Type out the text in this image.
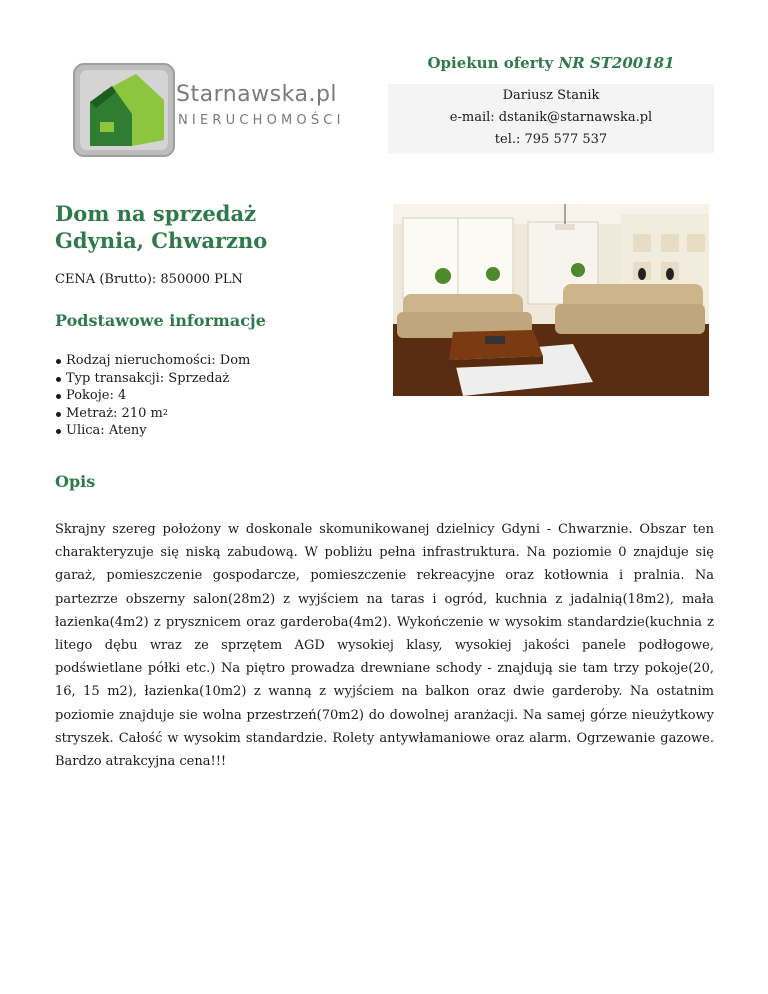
Starnawska.pl
NIERUCHOMOŚCI
Opiekun oferty NR ST200181
Dariusz Stanik
e-mail: dstanik@starnawska.pl
tel.: 795 577 537
Dom na sprzedaż
Gdynia, Chwarzno
CENA (Brutto): 850000 PLN
Podstawowe informacje
Rodzaj nieruchomości: Dom
Typ transakcji: Sprzedaż
Pokoje: 4
Metraż: 210 $m^2$
Ulica: Ateny
Opis

Skrajny szereg położony w doskonale skomunikowanej dzielnicy Gdyni - Chwarznie. Obszar ten charakteryzuje się niską zabudową. W pobliżu pełna infrastruktura. Na poziomie 0 znajduje się garaż, pomieszczenie gospodarcze, pomieszczenie rekreacyjne oraz kotłownia i pralnia. Na partezrze obszerny salon(28m2) z wyjściem na taras i ogród, kuchnia z jadalnią(18m2), mała łazienka(4m2) z prysznicem oraz garderoba(4m2). Wykończenie w wysokim standardzie(kuchnia z litego dębu wraz ze sprzętem AGD wysokiej klasy, wysokiej jakości panele podłogowe, podświetlane półki etc.) Na piętro prowadza drewniane schody - znajdują sie tam trzy pokoje(20, 16, 15 m2), łazienka(10m2) z wanną z wyjściem na balkon oraz dwie garderoby. Na ostatnim poziomie znajduje sie wolna przestrzeń(70m2) do dowolnej aranżacji. Na samej górze nieużytkowy stryszek. Całość w wysokim standardzie. Rolety antywłamaniowe oraz alarm. Ogrzewanie gazowe. Bardzo atrakcyjna cena!!!
